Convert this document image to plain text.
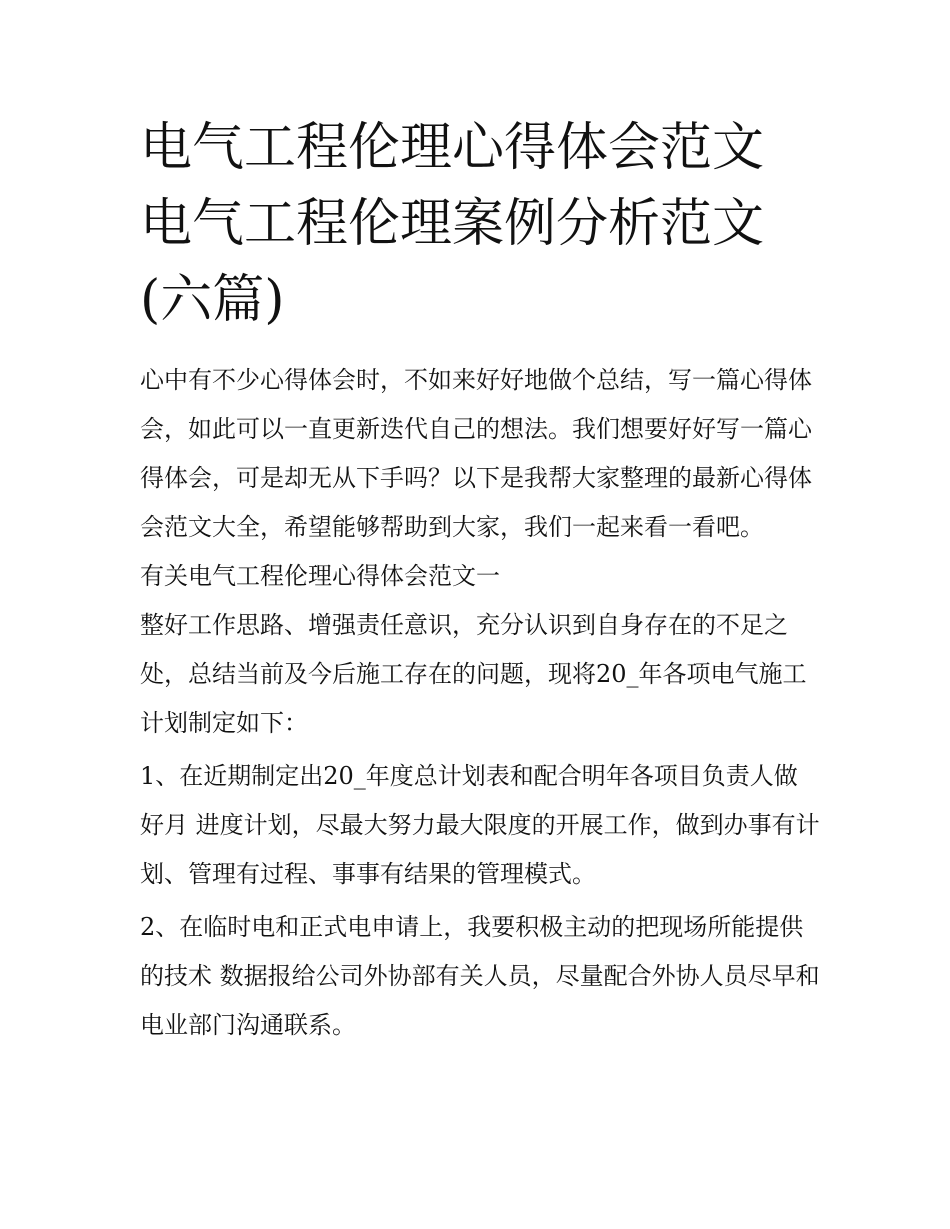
电气工程伦理心得体会范文 电气工程伦理案例分析范文(六篇)

心中有不少心得体会时，不如来好好地做个总结，写一篇心得体会，如此可以一直更新迭代自己的想法。我们想要好好写一篇心得体会，可是却无从下手吗？以下是我帮大家整理的最新心得体会范文大全，希望能够帮助到大家，我们一起来看一看吧。

有关电气工程伦理心得体会范文一

整好工作思路、增强责任意识，充分认识到自身存在的不足之处，总结当前及今后施工存在的问题，现将20_年各项电气施工计划制定如下：

1、在近期制定出20_年度总计划表和配合明年各项目负责人做好月 进度计划，尽最大努力最大限度的开展工作，做到办事有计划、管理有过程、事事有结果的管理模式。

2、在临时电和正式电申请上，我要积极主动的把现场所能提供的技术 数据报给公司外协部有关人员，尽量配合外协人员尽早和电业部门沟通联系。
